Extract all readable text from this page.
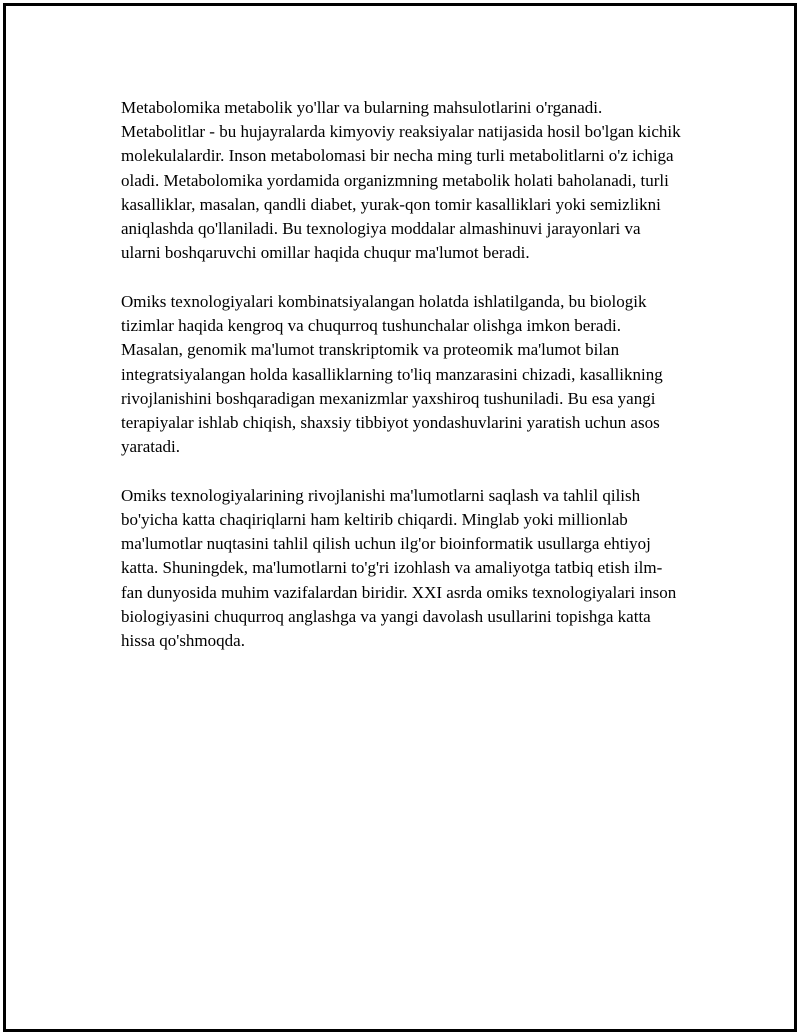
Metabolomika metabolik yo'llar va bularning mahsulotlarini o'rganadi. Metabolitlar - bu hujayralarda kimyoviy reaksiyalar natijasida hosil bo'lgan kichik molekulalardir. Inson metabolomasi bir necha ming turli metabolitlarni o'z ichiga oladi. Metabolomika yordamida organizmning metabolik holati baholanadi, turli kasalliklar, masalan, qandli diabet, yurak-qon tomir kasalliklari yoki semizlikni aniqlashda qo'llaniladi. Bu texnologiya moddalar almashinuvi jarayonlari va ularni boshqaruvchi omillar haqida chuqur ma'lumot beradi.

Omiks texnologiyalari kombinatsiyalangan holatda ishlatilganda, bu biologik tizimlar haqida kengroq va chuqurroq tushunchalar olishga imkon beradi. Masalan, genomik ma'lumot transkriptomik va proteomik ma'lumot bilan integratsiyalangan holda kasalliklarning to'liq manzarasini chizadi, kasallikning rivojlanishini boshqaradigan mexanizmlar yaxshiroq tushuniladi. Bu esa yangi terapiyalar ishlab chiqish, shaxsiy tibbiyot yondashuvlarini yaratish uchun asos yaratadi.

Omiks texnologiyalarining rivojlanishi ma'lumotlarni saqlash va tahlil qilish bo'yicha katta chaqiriqlarni ham keltirib chiqardi. Minglab yoki millionlab ma'lumotlar nuqtasini tahlil qilish uchun ilg'or bioinformatik usullarga ehtiyoj katta. Shuningdek, ma'lumotlarni to'g'ri izohlash va amaliyotga tatbiq etish ilm-fan dunyosida muhim vazifalardan biridir. XXI asrda omiks texnologiyalari inson biologiyasini chuqurroq anglashga va yangi davolash usullarini topishga katta hissa qo'shmoqda.
